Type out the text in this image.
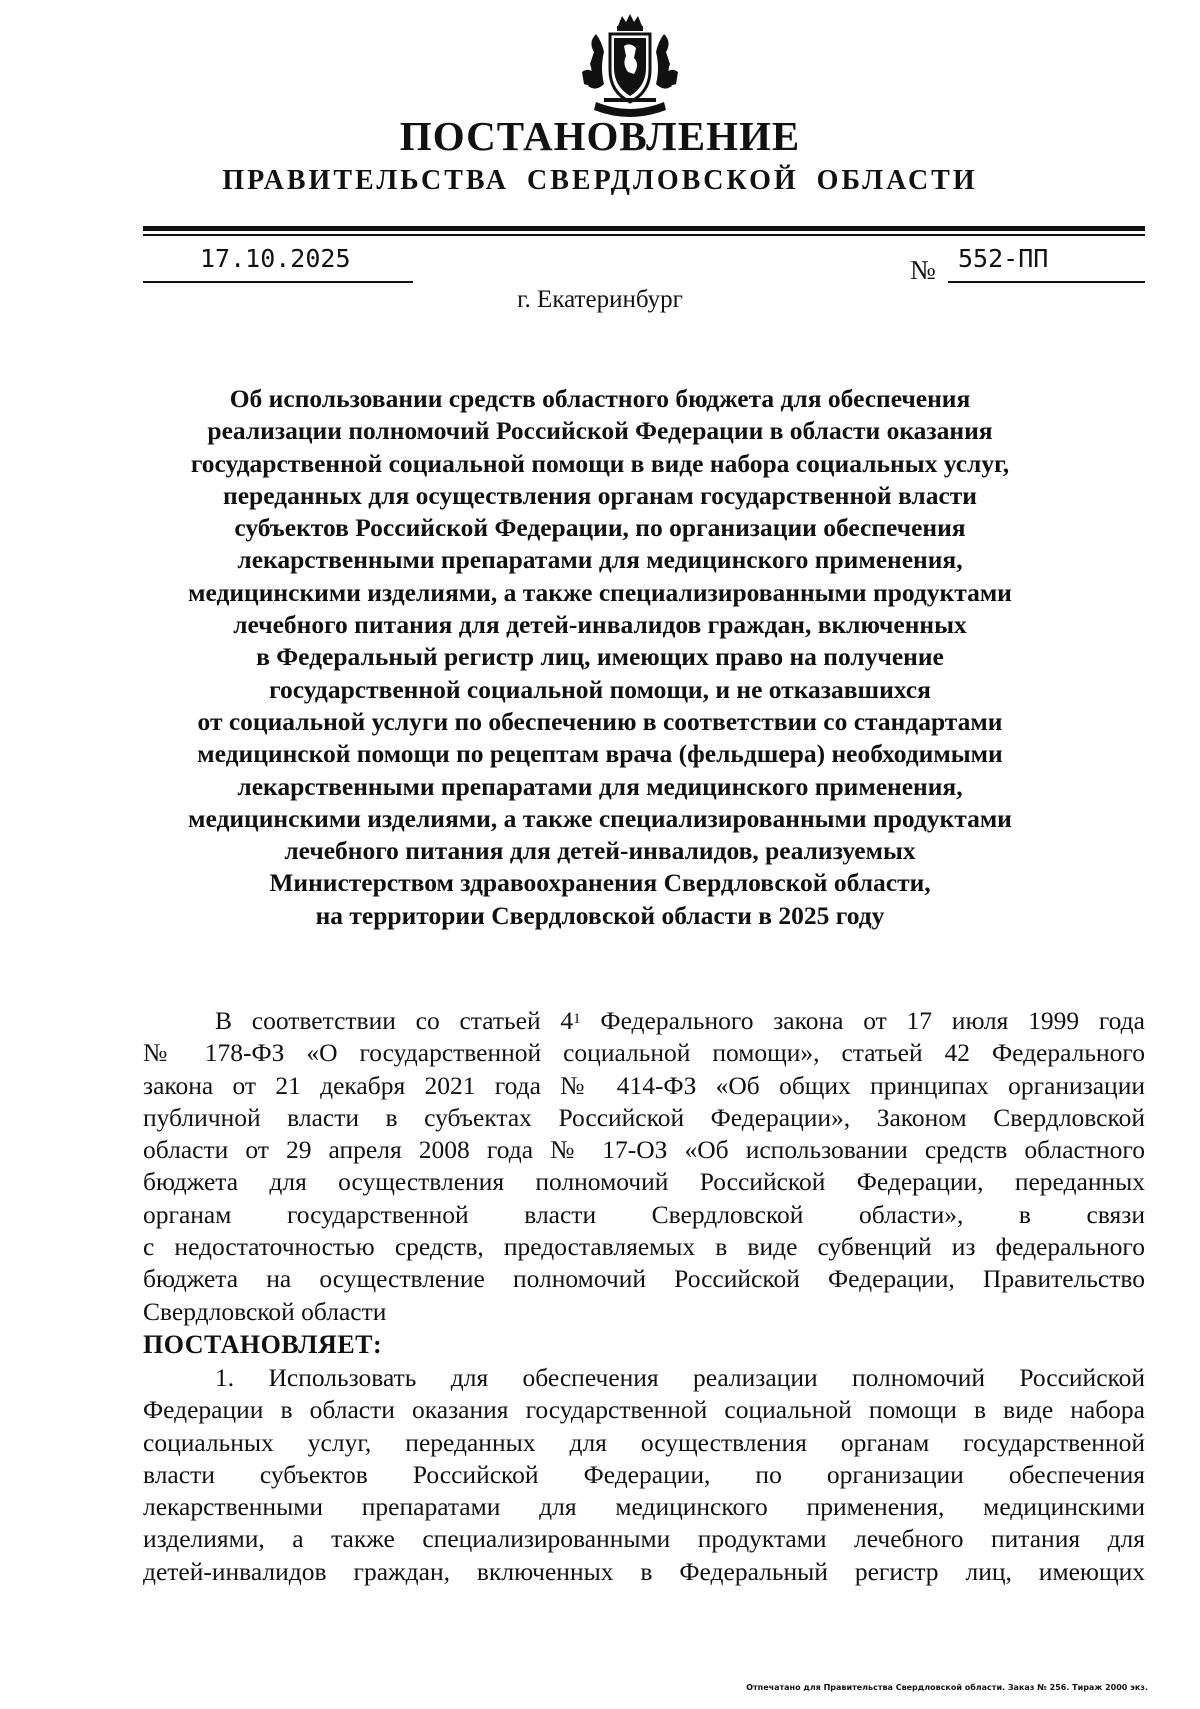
ПОСТАНОВЛЕНИЕ
ПРАВИТЕЛЬСТВА СВЕРДЛОВСКОЙ ОБЛАСТИ
17.10.2025	№ 552-ПП
г. Екатеринбург
Об использовании средств областного бюджета для обеспечения
реализации полномочий Российской Федерации в области оказания
государственной социальной помощи в виде набора социальных услуг,
переданных для осуществления органам государственной власти
субъектов Российской Федерации, по организации обеспечения
лекарственными препаратами для медицинского применения,
медицинскими изделиями, а также специализированными продуктами
лечебного питания для детей-инвалидов граждан, включенных
в Федеральный регистр лиц, имеющих право на получение
государственной социальной помощи, и не отказавшихся
от социальной услуги по обеспечению в соответствии со стандартами
медицинской помощи по рецептам врача (фельдшера) необходимыми
лекарственными препаратами для медицинского применения,
медицинскими изделиями, а также специализированными продуктами
лечебного питания для детей-инвалидов, реализуемых
Министерством здравоохранения Свердловской области,
на территории Свердловской области в 2025 году
В соответствии со статьей $4^1$ Федерального закона от 17 июля 1999 года
№ 178-ФЗ «О государственной социальной помощи», статьей 42 Федерального
закона от 21 декабря 2021 года № 414-ФЗ «Об общих принципах организации
публичной власти в субъектах Российской Федерации», Законом Свердловской
области от 29 апреля 2008 года № 17-ОЗ «Об использовании средств областного
бюджета для осуществления полномочий Российской Федерации, переданных
органам государственной власти Свердловской области», в связи
с недостаточностью средств, предоставляемых в виде субвенций из федерального
бюджета на осуществление полномочий Российской Федерации, Правительство
Свердловской области
ПОСТАНОВЛЯЕТ:
1. Использовать для обеспечения реализации полномочий Российской
Федерации в области оказания государственной социальной помощи в виде набора
социальных услуг, переданных для осуществления органам государственной
власти субъектов Российской Федерации, по организации обеспечения
лекарственными препаратами для медицинского применения, медицинскими
изделиями, а также специализированными продуктами лечебного питания для
детей-инвалидов граждан, включенных в Федеральный регистр лиц, имеющих
Отпечатано для Правительства Свердловской области. Заказ № 256. Тираж 2000 экз.
